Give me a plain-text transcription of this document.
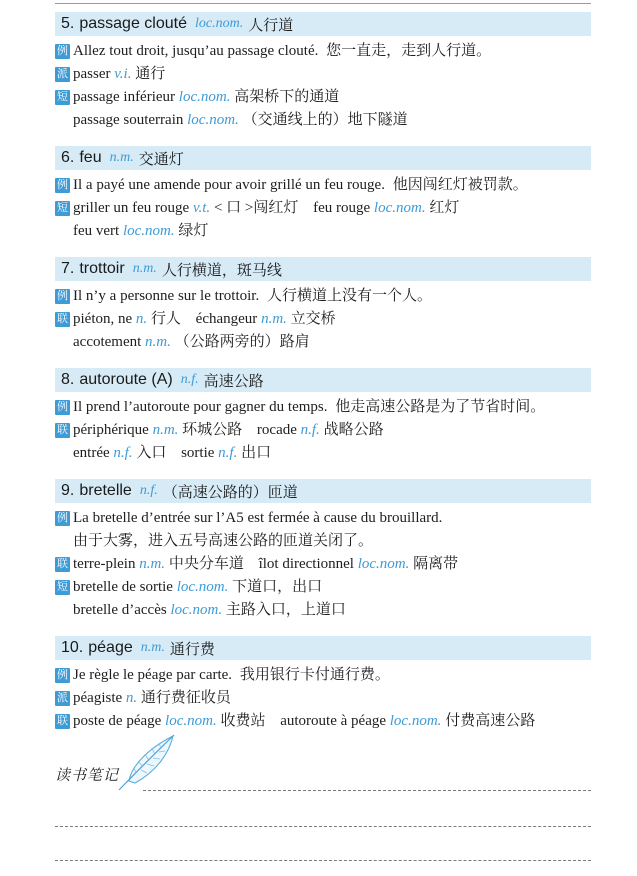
5. passage clouté loc.nom. 人行道
例 Allez tout droit, jusqu’au passage clouté. 您一直走，走到人行道。
派 passer v.i. 通行
短 passage inférieur loc.nom. 高架桥下的通道
passage souterrain loc.nom. （交通线上的）地下隧道
6. feu n.m. 交通灯
例 Il a payé une amende pour avoir grillé un feu rouge. 他因闯红灯被罚款。
短 griller un feu rouge v.t. < 口 >闯红灯 feu rouge loc.nom. 红灯
feu vert loc.nom. 绿灯
7. trottoir n.m. 人行横道，斑马线
例 Il n’y a personne sur le trottoir. 人行横道上没有一个人。
联 piéton, ne n. 行人 échangeur n.m. 立交桥
accotement n.m. （公路两旁的）路肩
8. autoroute (A) n.f. 高速公路
例 Il prend l’autoroute pour gagner du temps. 他走高速公路是为了节省时间。
联 périphérique n.m. 环城公路 rocade n.f. 战略公路
entrée n.f. 入口 sortie n.f. 出口
9. bretelle n.f. （高速公路的）匝道
例 La bretelle d’entrée sur l’A5 est fermée à cause du brouillard.
由于大雾，进入五号高速公路的匝道关闭了。
联 terre-plein n.m. 中央分车道 îlot directionnel loc.nom. 隔离带
短 bretelle de sortie loc.nom. 下道口，出口
bretelle d’accès loc.nom. 主路入口，上道口
10. péage n.m. 通行费
例 Je règle le péage par carte. 我用银行卡付通行费。
派 péagiste n. 通行费征收员
联 poste de péage loc.nom. 收费站 autoroute à péage loc.nom. 付费高速公路
读书笔记
